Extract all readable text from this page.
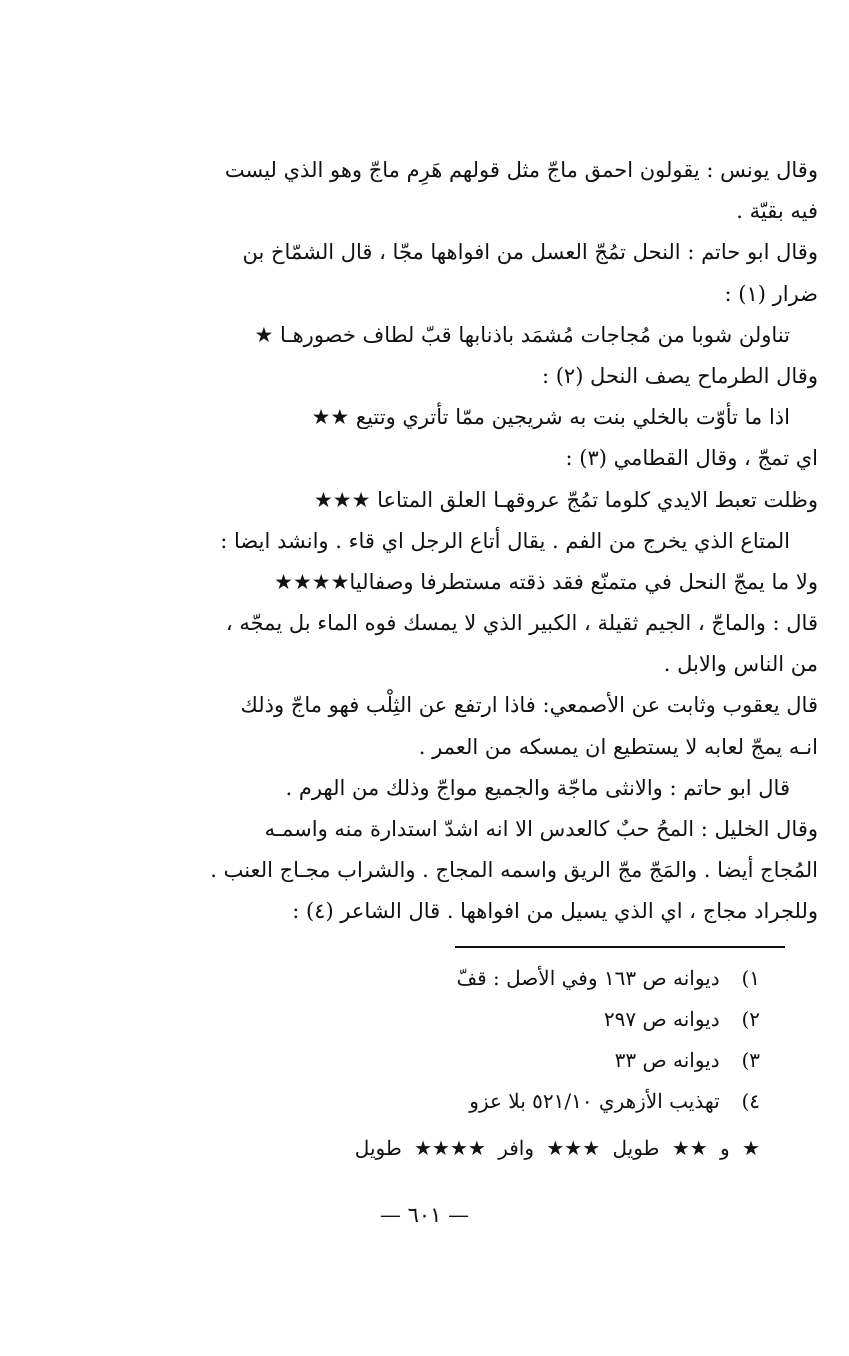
وقال يونس : يقولون احمق ماجّ مثل قولهم هَرِم ماجّ وهو الذي ليست
فيه بقيّة .
وقال ابو حاتم : النحل تمُجّ العسل من افواهها مجّا ، قال الشمّاخ بن
ضرار (١) :
تناولن شوبا من مُجاجات مُشمَد باذنابها قبّ لطاف خصورهـا ★
وقال الطرماح يصف النحل (٢) :
اذا ما تأوّت بالخلي بنت به شريجين ممّا تأتري وتتيع ★★
اي تمجّ ، وقال القطامي (٣) :
وظلت تعبط الايدي كلوما تمُجّ عروقهـا العلق المتاعا ★★★
المتاع الذي يخرج من الفم . يقال أتاع الرجل اي قاء . وانشد ايضا :
ولا ما يمجّ النحل في متمنّع فقد ذقته مستطرفا وصفاليا★★★★
قال : والماجّ ، الجيم ثقيلة ، الكبير الذي لا يمسك فوه الماء بل يمجّه ،
من الناس والابل .
قال يعقوب وثابت عن الأصمعي: فاذا ارتفع عن الثِلْب فهو ماجّ وذلك
انـه يمجّ لعابه لا يستطيع ان يمسكه من العمر .
قال ابو حاتم : والانثى ماجّة والجميع مواجّ وذلك من الهرم .
وقال الخليل : المحُ حبٌ كالعدس الا انه اشدّ استدارة منه واسمـه
المُجاج أيضا . والمَجّ مجّ الريق واسمه المجاج . والشراب مجـاج العنب .
وللجراد مجاج ، اي الذي يسيل من افواهها . قال الشاعر (٤) :
١) ديوانه ص ١٦٣ وفي الأصل : قفّ
٢) ديوانه ص ٢٩٧
٣) ديوانه ص ٣٣
٤) تهذيب الأزهري ٥٢١/١٠ بلا عزو
★ و ★★ طويل ★★★ وافر ★★★★ طويل
— ٦٠١ —
